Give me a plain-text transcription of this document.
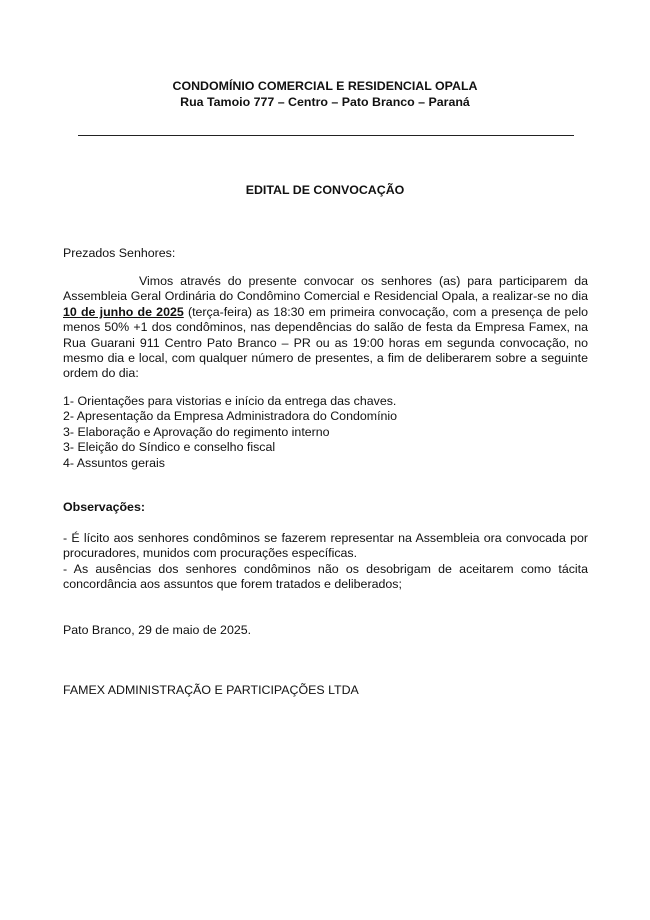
CONDOMÍNIO COMERCIAL E RESIDENCIAL OPALA
Rua Tamoio 777 – Centro – Pato Branco – Paraná
EDITAL DE CONVOCAÇÃO
Prezados Senhores:
Vimos através do presente convocar os senhores (as) para participarem da Assembleia Geral Ordinária do Condômino Comercial e Residencial Opala, a realizar-se no dia 10 de junho de 2025 (terça-feira) as 18:30 em primeira convocação, com a presença de pelo menos 50% +1 dos condôminos, nas dependências do salão de festa da Empresa Famex, na Rua Guarani 911 Centro Pato Branco – PR ou as 19:00 horas em segunda convocação, no mesmo dia e local, com qualquer número de presentes, a fim de deliberarem sobre a seguinte ordem do dia:
1- Orientações para vistorias e início da entrega das chaves.
2- Apresentação da Empresa Administradora do Condomínio
3- Elaboração e Aprovação do regimento interno
3- Eleição do Síndico e conselho fiscal
4- Assuntos gerais
Observações:
- É lícito aos senhores condôminos se fazerem representar na Assembleia ora convocada por procuradores, munidos com procurações específicas.
- As ausências dos senhores condôminos não os desobrigam de aceitarem como tácita concordância aos assuntos que forem tratados e deliberados;
Pato Branco, 29 de maio de 2025.
FAMEX ADMINISTRAÇÃO E PARTICIPAÇÕES LTDA
